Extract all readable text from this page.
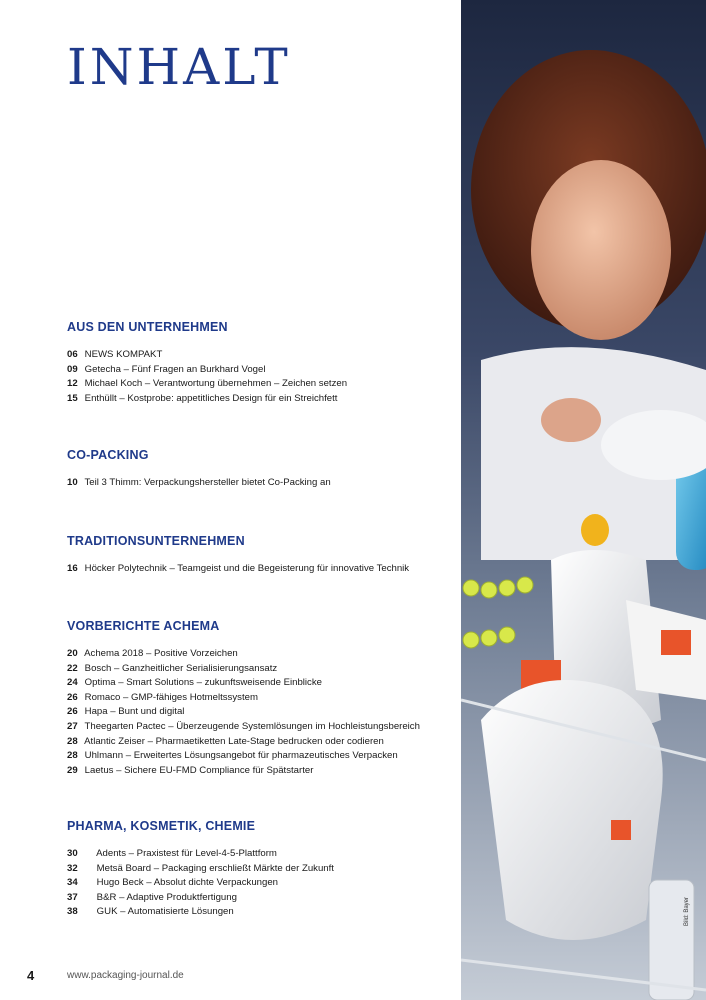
INHALT
AUS DEN UNTERNEHMEN
06 NEWS KOMPAKT
09 Getecha – Fünf Fragen an Burkhard Vogel
12 Michael Koch – Verantwortung übernehmen – Zeichen setzen
15 Enthüllt – Kostprobe: appetitliches Design für ein Streichfett
CO-PACKING
10 Teil 3 Thimm: Verpackungshersteller bietet Co-Packing an
TRADITIONSUNTERNEHMEN
16 Höcker Polytechnik – Teamgeist und die Begeisterung für innovative Technik
VORBERICHTE ACHEMA
20 Achema 2018 – Positive Vorzeichen
22 Bosch – Ganzheitlicher Serialisierungsansatz
24 Optima – Smart Solutions – zukunftsweisende Einblicke
26 Romaco – GMP-fähiges Hotmeltssystem
26 Hapa – Bunt und digital
27 Theegarten Pactec – Überzeugende Systemlösungen im Hochleistungsbereich
28 Atlantic Zeiser – Pharmaetiketten Late-Stage bedrucken oder codieren
28 Uhlmann – Erweitertes Lösungsangebot für pharmazeutisches Verpacken
29 Laetus – Sichere EU-FMD Compliance für Spätstarter
PHARMA, KOSMETIK, CHEMIE
30 Adents – Praxistest für Level-4-5-Plattform
32 Metsä Board – Packaging erschließt Märkte der Zukunft
34 Hugo Beck – Absolut dichte Verpackungen
37 B&R – Adaptive Produktfertigung
38 GUK – Automatisierte Lösungen
4	www.packaging-journal.de
Bild: Bayer
